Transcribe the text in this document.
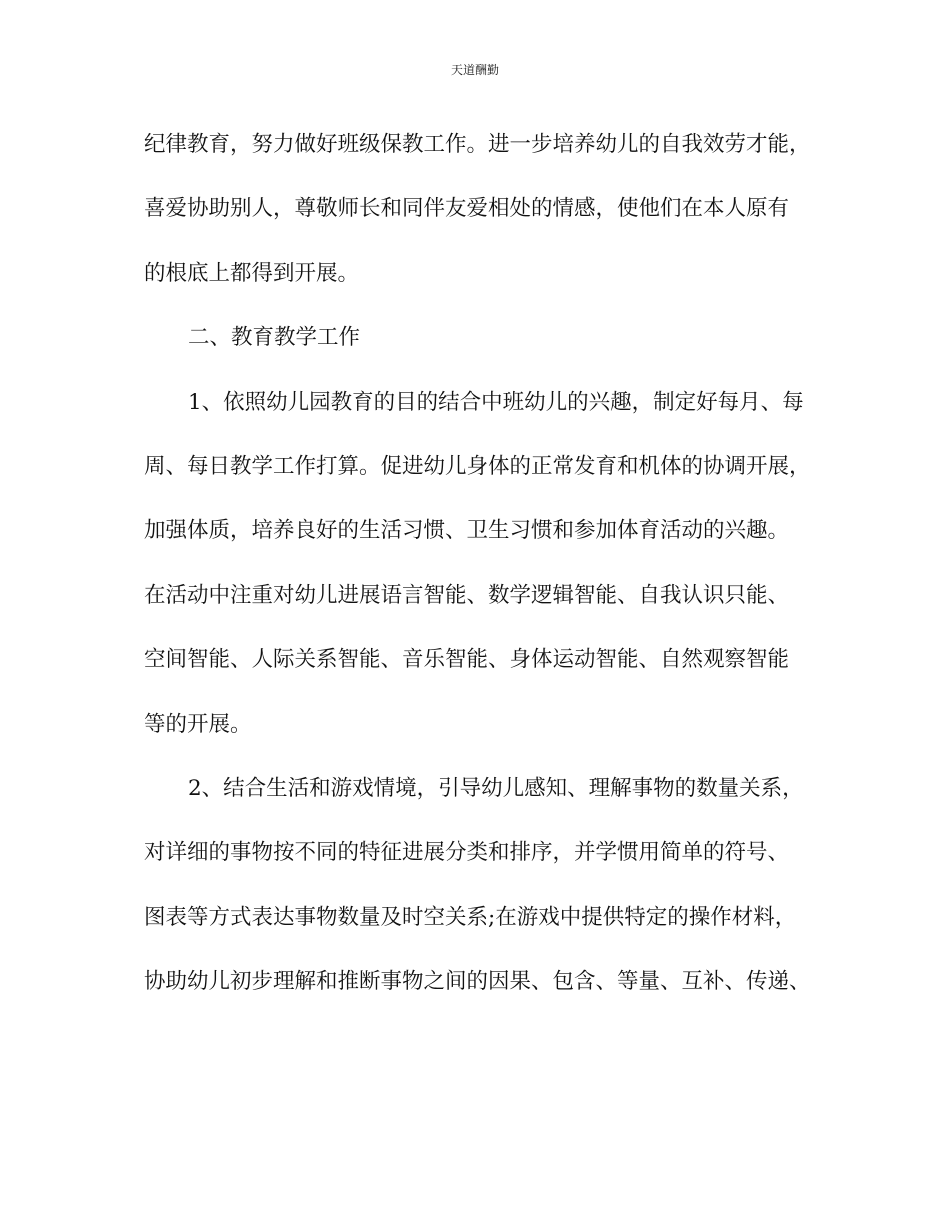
天道酬勤
纪律教育，努力做好班级保教工作。进一步培养幼儿的自我效劳才能，
喜爱协助别人，尊敬师长和同伴友爱相处的情感，使他们在本人原有
的根底上都得到开展。
二、教育教学工作
1、依照幼儿园教育的目的结合中班幼儿的兴趣，制定好每月、每
周、每日教学工作打算。促进幼儿身体的正常发育和机体的协调开展，
加强体质，培养良好的生活习惯、卫生习惯和参加体育活动的兴趣。
在活动中注重对幼儿进展语言智能、数学逻辑智能、自我认识只能、
空间智能、人际关系智能、音乐智能、身体运动智能、自然观察智能
等的开展。
2、结合生活和游戏情境，引导幼儿感知、理解事物的数量关系，
对详细的事物按不同的特征进展分类和排序，并学惯用简单的符号、
图表等方式表达事物数量及时空关系;在游戏中提供特定的操作材料，
协助幼儿初步理解和推断事物之间的因果、包含、等量、互补、传递、
